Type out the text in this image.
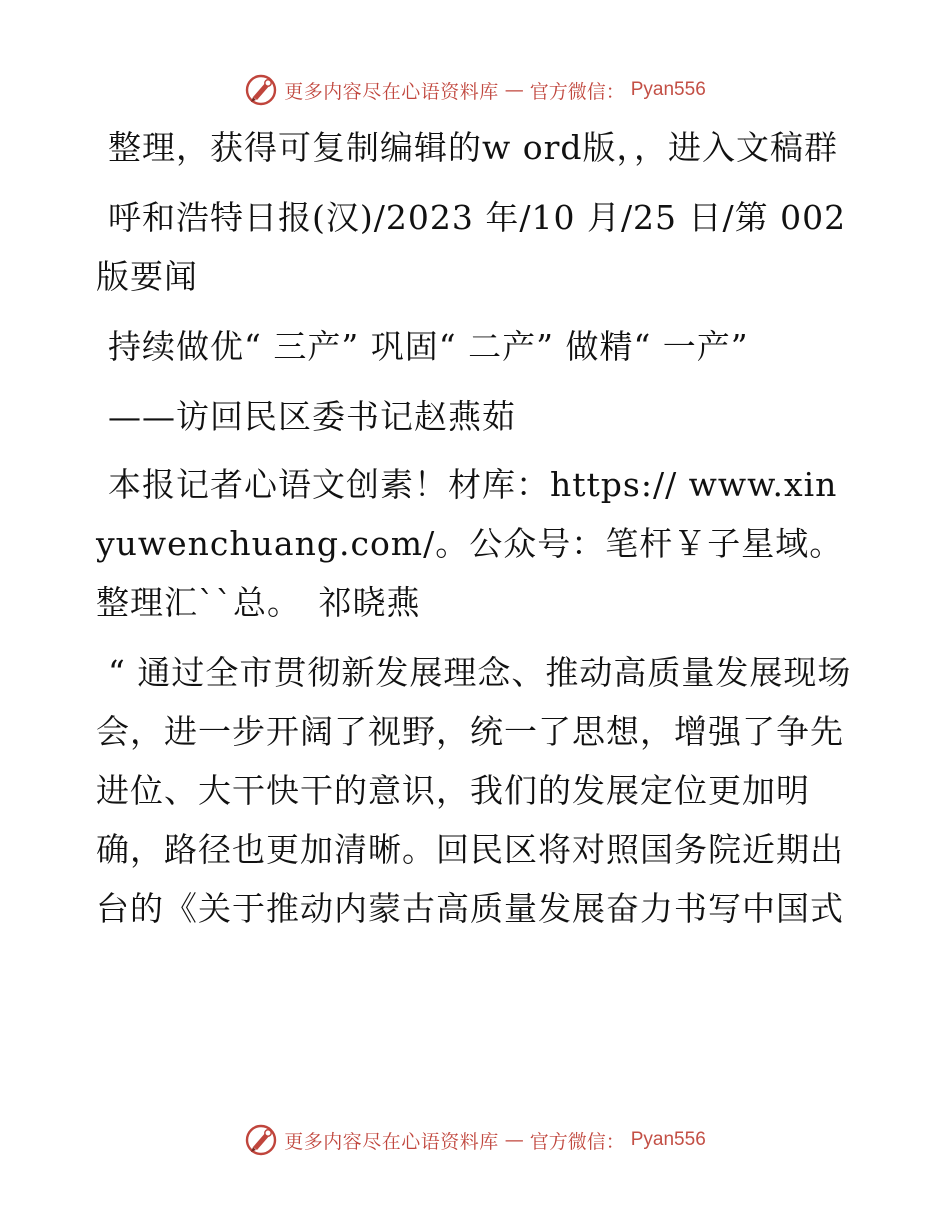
更多内容尽在心语资料库 — 官方微信： Pyan556

整理，获得可复制编辑的w ord版，，进入文稿群

呼和浩特日报(汉)/2023 年/10 月/25 日/第 002 版要闻

持续做优“ 三产” 巩固“ 二产” 做精“ 一产”

——访回民区委书记赵燕茹

本报记者心语文创素！材库：https:// www.xinyuwenchuang.com/。公众号：笔杆￥子星域。整理汇``总。　祁晓燕

“ 通过全市贯彻新发展理念、推动高质量发展现场会，进一步开阔了视野，统一了思想，增强了争先进位、大干快干的意识，我们的发展定位更加明确，路径也更加清晰。回民区将对照国务院近期出台的《关于推动内蒙古高质量发展奋力书写中国式

更多内容尽在心语资料库 — 官方微信： Pyan556
